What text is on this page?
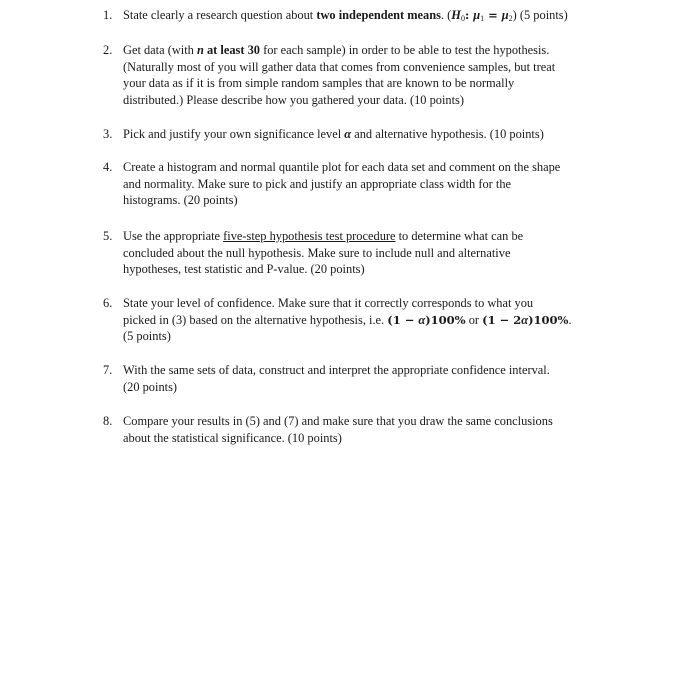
1. State clearly a research question about two independent means. ($H_0$: $\mu_1 = \mu_2$) (5 points)
2. Get data (with n at least 30 for each sample) in order to be able to test the hypothesis.
(Naturally most of you will gather data that comes from convenience samples, but treat
your data as if it is from simple random samples that are known to be normally
distributed.) Please describe how you gathered your data. (10 points)
3. Pick and justify your own significance level α and alternative hypothesis. (10 points)
4. Create a histogram and normal quantile plot for each data set and comment on the shape
and normality. Make sure to pick and justify an appropriate class width for the
histograms. (20 points)
5. Use the appropriate five-step hypothesis test procedure to determine what can be
concluded about the null hypothesis. Make sure to include null and alternative
hypotheses, test statistic and P-value. (20 points)
6. State your level of confidence. Make sure that it correctly corresponds to what you
picked in (3) based on the alternative hypothesis, i.e. (1 − α)100% or (1 − 2α)100%.
(5 points)
7. With the same sets of data, construct and interpret the appropriate confidence interval.
(20 points)
8. Compare your results in (5) and (7) and make sure that you draw the same conclusions
about the statistical significance. (10 points)
